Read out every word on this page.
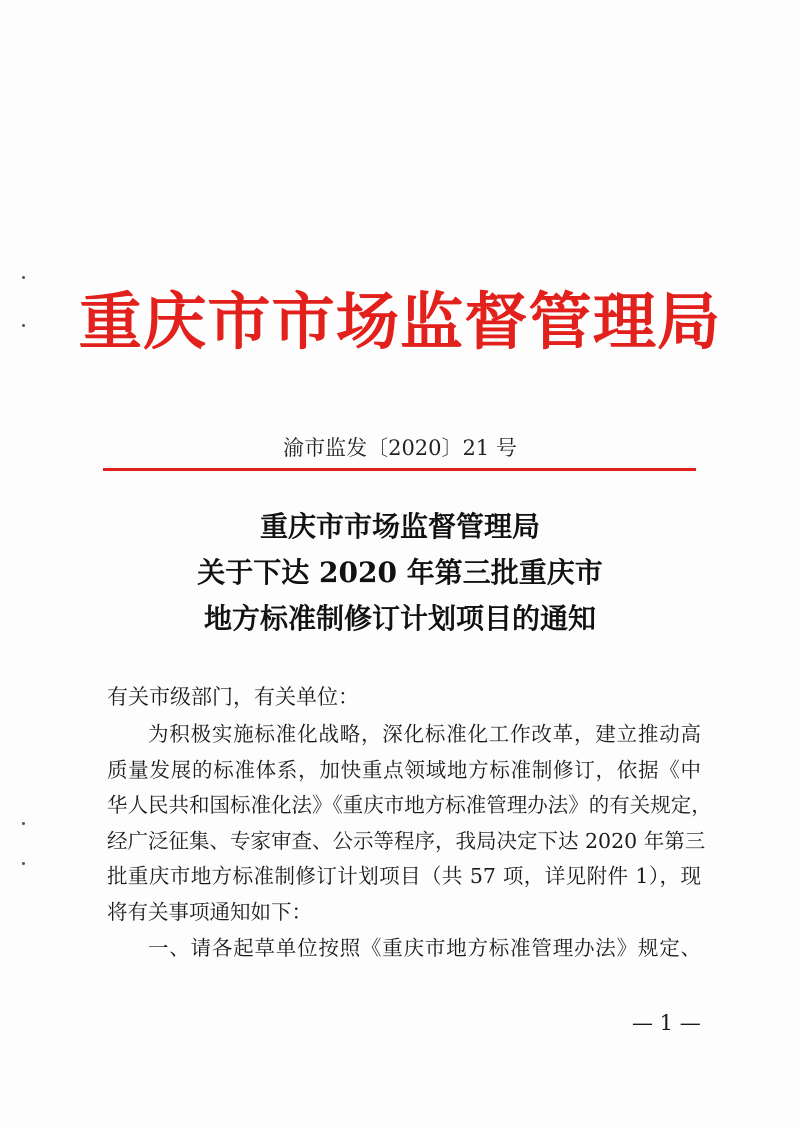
重庆市市场监督管理局
渝市监发〔2020〕21 号
重庆市市场监督管理局
关于下达 2020 年第三批重庆市
地方标准制修订计划项目的通知
有关市级部门，有关单位：
为积极实施标准化战略，深化标准化工作改革，建立推动高
质量发展的标准体系，加快重点领域地方标准制修订，依据《中
华人民共和国标准化法》《重庆市地方标准管理办法》的有关规定，
经广泛征集、专家审查、公示等程序，我局决定下达 2020 年第三
批重庆市地方标准制修订计划项目（共 57 项，详见附件 1），现
将有关事项通知如下：
一、请各起草单位按照《重庆市地方标准管理办法》规定、
— 1 —
